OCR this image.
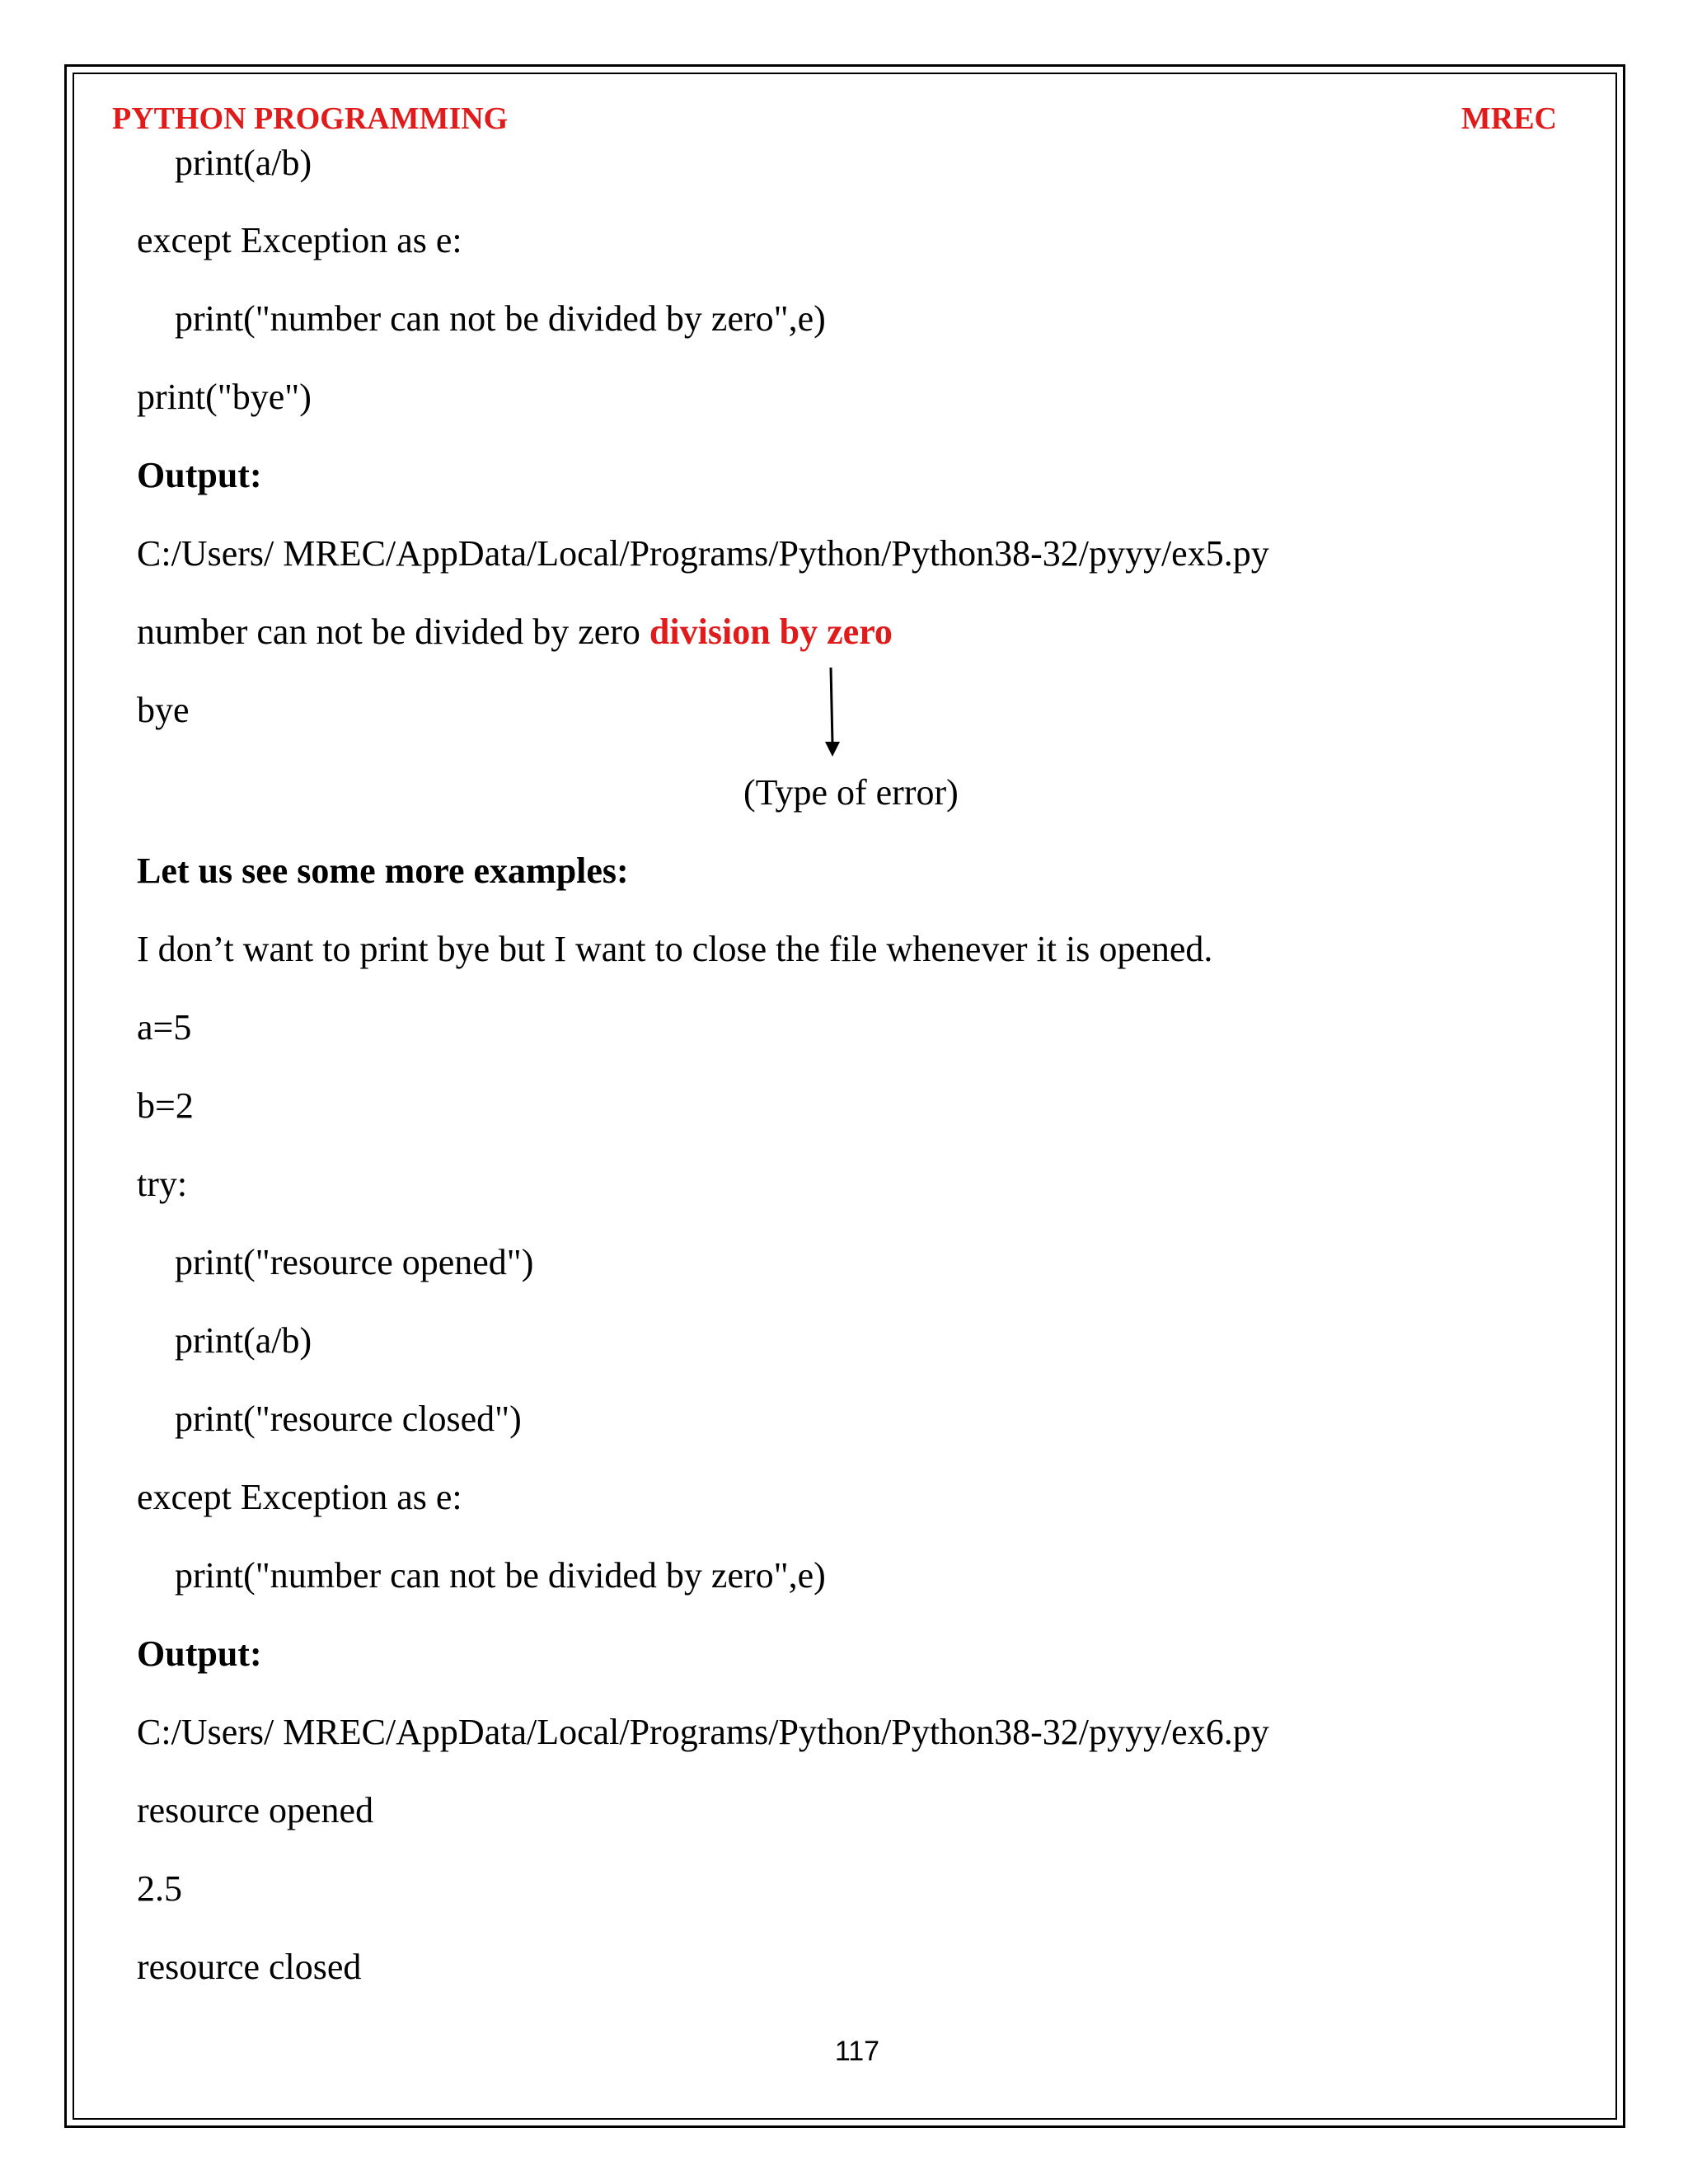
PYTHON PROGRAMMING	MREC
print(a/b)
except Exception as e:
print("number can not be divided by zero",e)
print("bye")
Output:
C:/Users/ MREC/AppData/Local/Programs/Python/Python38-32/pyyy/ex5.py
number can not be divided by zero division by zero
bye
(Type of error)
Let us see some more examples:
I don’t want to print bye but I want to close the file whenever it is opened.
a=5
b=2
try:
print("resource opened")
print(a/b)
print("resource closed")
except Exception as e:
print("number can not be divided by zero",e)
Output:
C:/Users/ MREC/AppData/Local/Programs/Python/Python38-32/pyyy/ex6.py
resource opened
2.5
resource closed
117
